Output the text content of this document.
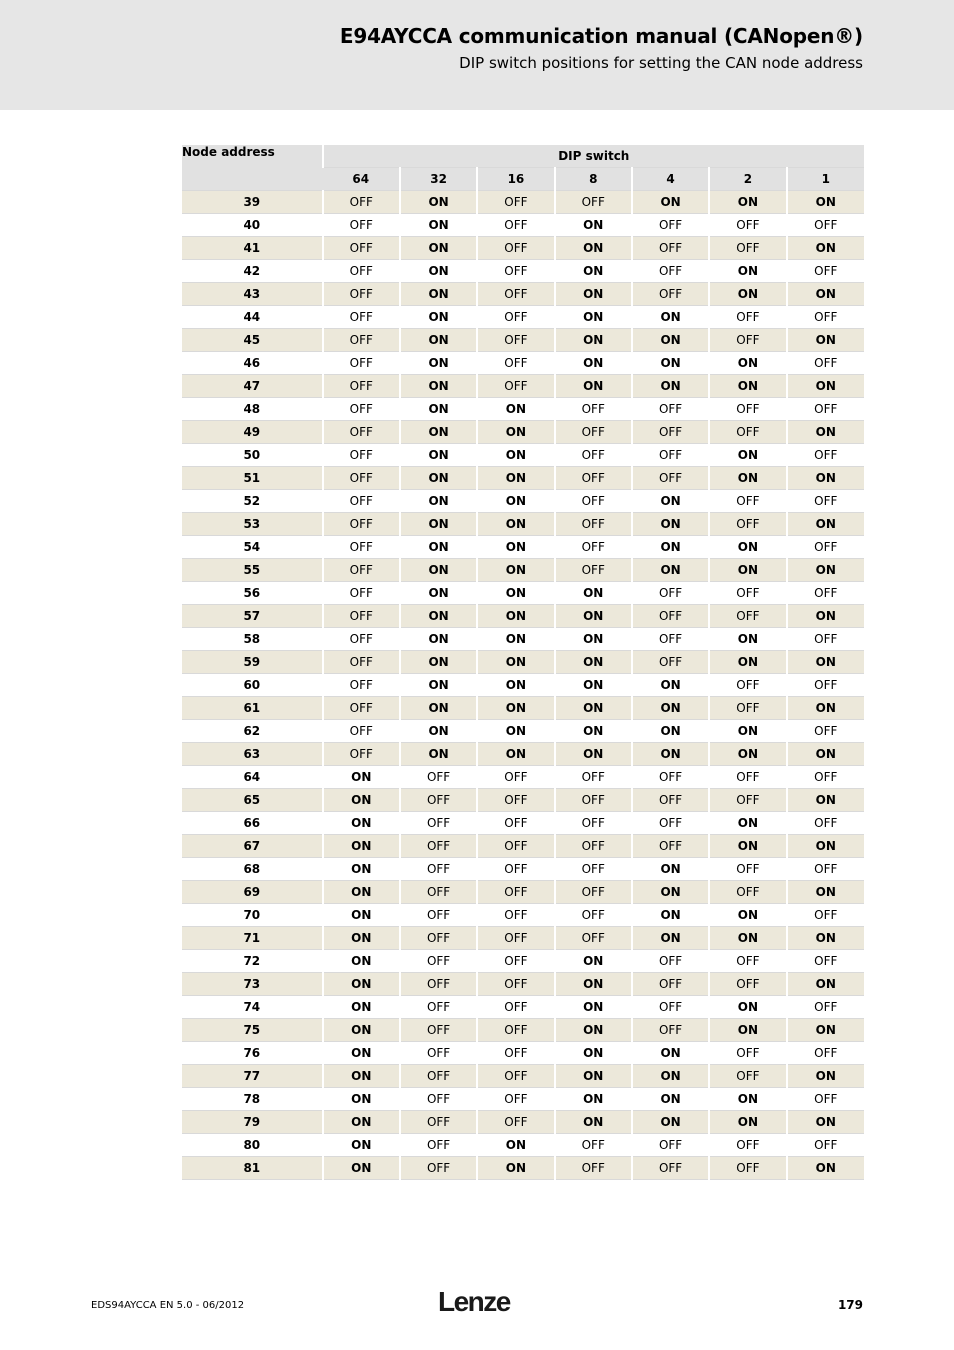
E94AYCCA communication manual (CANopen®)
DIP switch positions for setting the CAN node address
Node address	DIP switch						
	64	32	16	8	4	2	1
39	OFF	ON	OFF	OFF	ON	ON	ON
40	OFF	ON	OFF	ON	OFF	OFF	OFF
41	OFF	ON	OFF	ON	OFF	OFF	ON
42	OFF	ON	OFF	ON	OFF	ON	OFF
43	OFF	ON	OFF	ON	OFF	ON	ON
44	OFF	ON	OFF	ON	ON	OFF	OFF
45	OFF	ON	OFF	ON	ON	OFF	ON
46	OFF	ON	OFF	ON	ON	ON	OFF
47	OFF	ON	OFF	ON	ON	ON	ON
48	OFF	ON	ON	OFF	OFF	OFF	OFF
49	OFF	ON	ON	OFF	OFF	OFF	ON
50	OFF	ON	ON	OFF	OFF	ON	OFF
51	OFF	ON	ON	OFF	OFF	ON	ON
52	OFF	ON	ON	OFF	ON	OFF	OFF
53	OFF	ON	ON	OFF	ON	OFF	ON
54	OFF	ON	ON	OFF	ON	ON	OFF
55	OFF	ON	ON	OFF	ON	ON	ON
56	OFF	ON	ON	ON	OFF	OFF	OFF
57	OFF	ON	ON	ON	OFF	OFF	ON
58	OFF	ON	ON	ON	OFF	ON	OFF
59	OFF	ON	ON	ON	OFF	ON	ON
60	OFF	ON	ON	ON	ON	OFF	OFF
61	OFF	ON	ON	ON	ON	OFF	ON
62	OFF	ON	ON	ON	ON	ON	OFF
63	OFF	ON	ON	ON	ON	ON	ON
64	ON	OFF	OFF	OFF	OFF	OFF	OFF
65	ON	OFF	OFF	OFF	OFF	OFF	ON
66	ON	OFF	OFF	OFF	OFF	ON	OFF
67	ON	OFF	OFF	OFF	OFF	ON	ON
68	ON	OFF	OFF	OFF	ON	OFF	OFF
69	ON	OFF	OFF	OFF	ON	OFF	ON
70	ON	OFF	OFF	OFF	ON	ON	OFF
71	ON	OFF	OFF	OFF	ON	ON	ON
72	ON	OFF	OFF	ON	OFF	OFF	OFF
73	ON	OFF	OFF	ON	OFF	OFF	ON
74	ON	OFF	OFF	ON	OFF	ON	OFF
75	ON	OFF	OFF	ON	OFF	ON	ON
76	ON	OFF	OFF	ON	ON	OFF	OFF
77	ON	OFF	OFF	ON	ON	OFF	ON
78	ON	OFF	OFF	ON	ON	ON	OFF
79	ON	OFF	OFF	ON	ON	ON	ON
80	ON	OFF	ON	OFF	OFF	OFF	OFF
81	ON	OFF	ON	OFF	OFF	OFF	ON
EDS94AYCCA EN 5.0 - 06/2012	Lenze	179
